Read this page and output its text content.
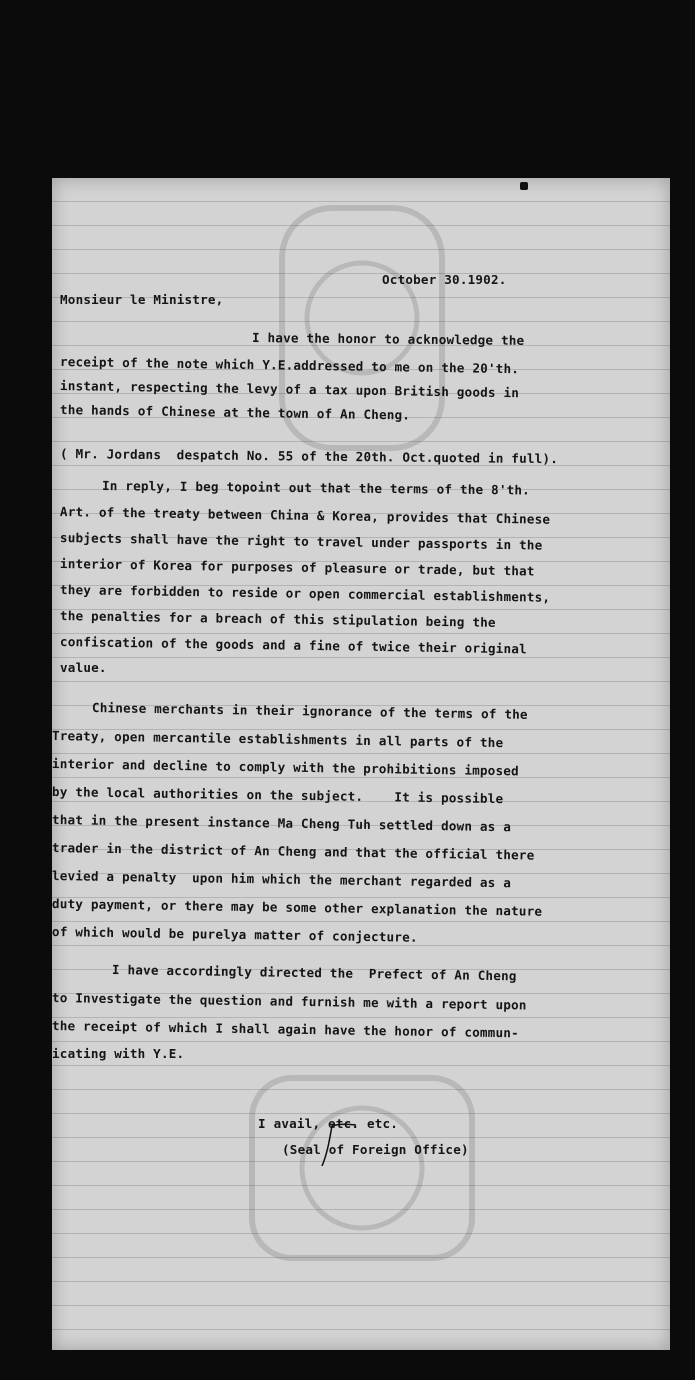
October 30.1902.
Monsieur le Ministre,
I have the honor to acknowledge the
receipt of the note which Y.E.addressed to me on the 20'th.
instant, respecting the levy of a tax upon British goods in
the hands of Chinese at the town of An Cheng.
( Mr. Jordans  despatch No. 55 of the 20th. Oct.quoted in full).
In reply, I beg topoint out that the terms of the 8'th.
Art. of the treaty between China & Korea, provides that Chinese
subjects shall have the right to travel under passports in the
interior of Korea for purposes of pleasure or trade, but that
they are forbidden to reside or open commercial establishments,
the penalties for a breach of this stipulation being the
confiscation of the goods and a fine of twice their original
value.
Chinese merchants in their ignorance of the terms of the
Treaty, open mercantile establishments in all parts of the
interior and decline to comply with the prohibitions imposed
by the local authorities on the subject.    It is possible
that in the present instance Ma Cheng Tuh settled down as a
trader in the district of An Cheng and that the official there
levied a penalty  upon him which the merchant regarded as a
duty payment, or there may be some other explanation the nature
of which would be purelya matter of conjecture.
I have accordingly directed the  Prefect of An Cheng
to Investigate the question and furnish me with a report upon
the receipt of which I shall again have the honor of commun-
icating with Y.E.
I avail, etc. etc.
(Seal of Foreign Office)
